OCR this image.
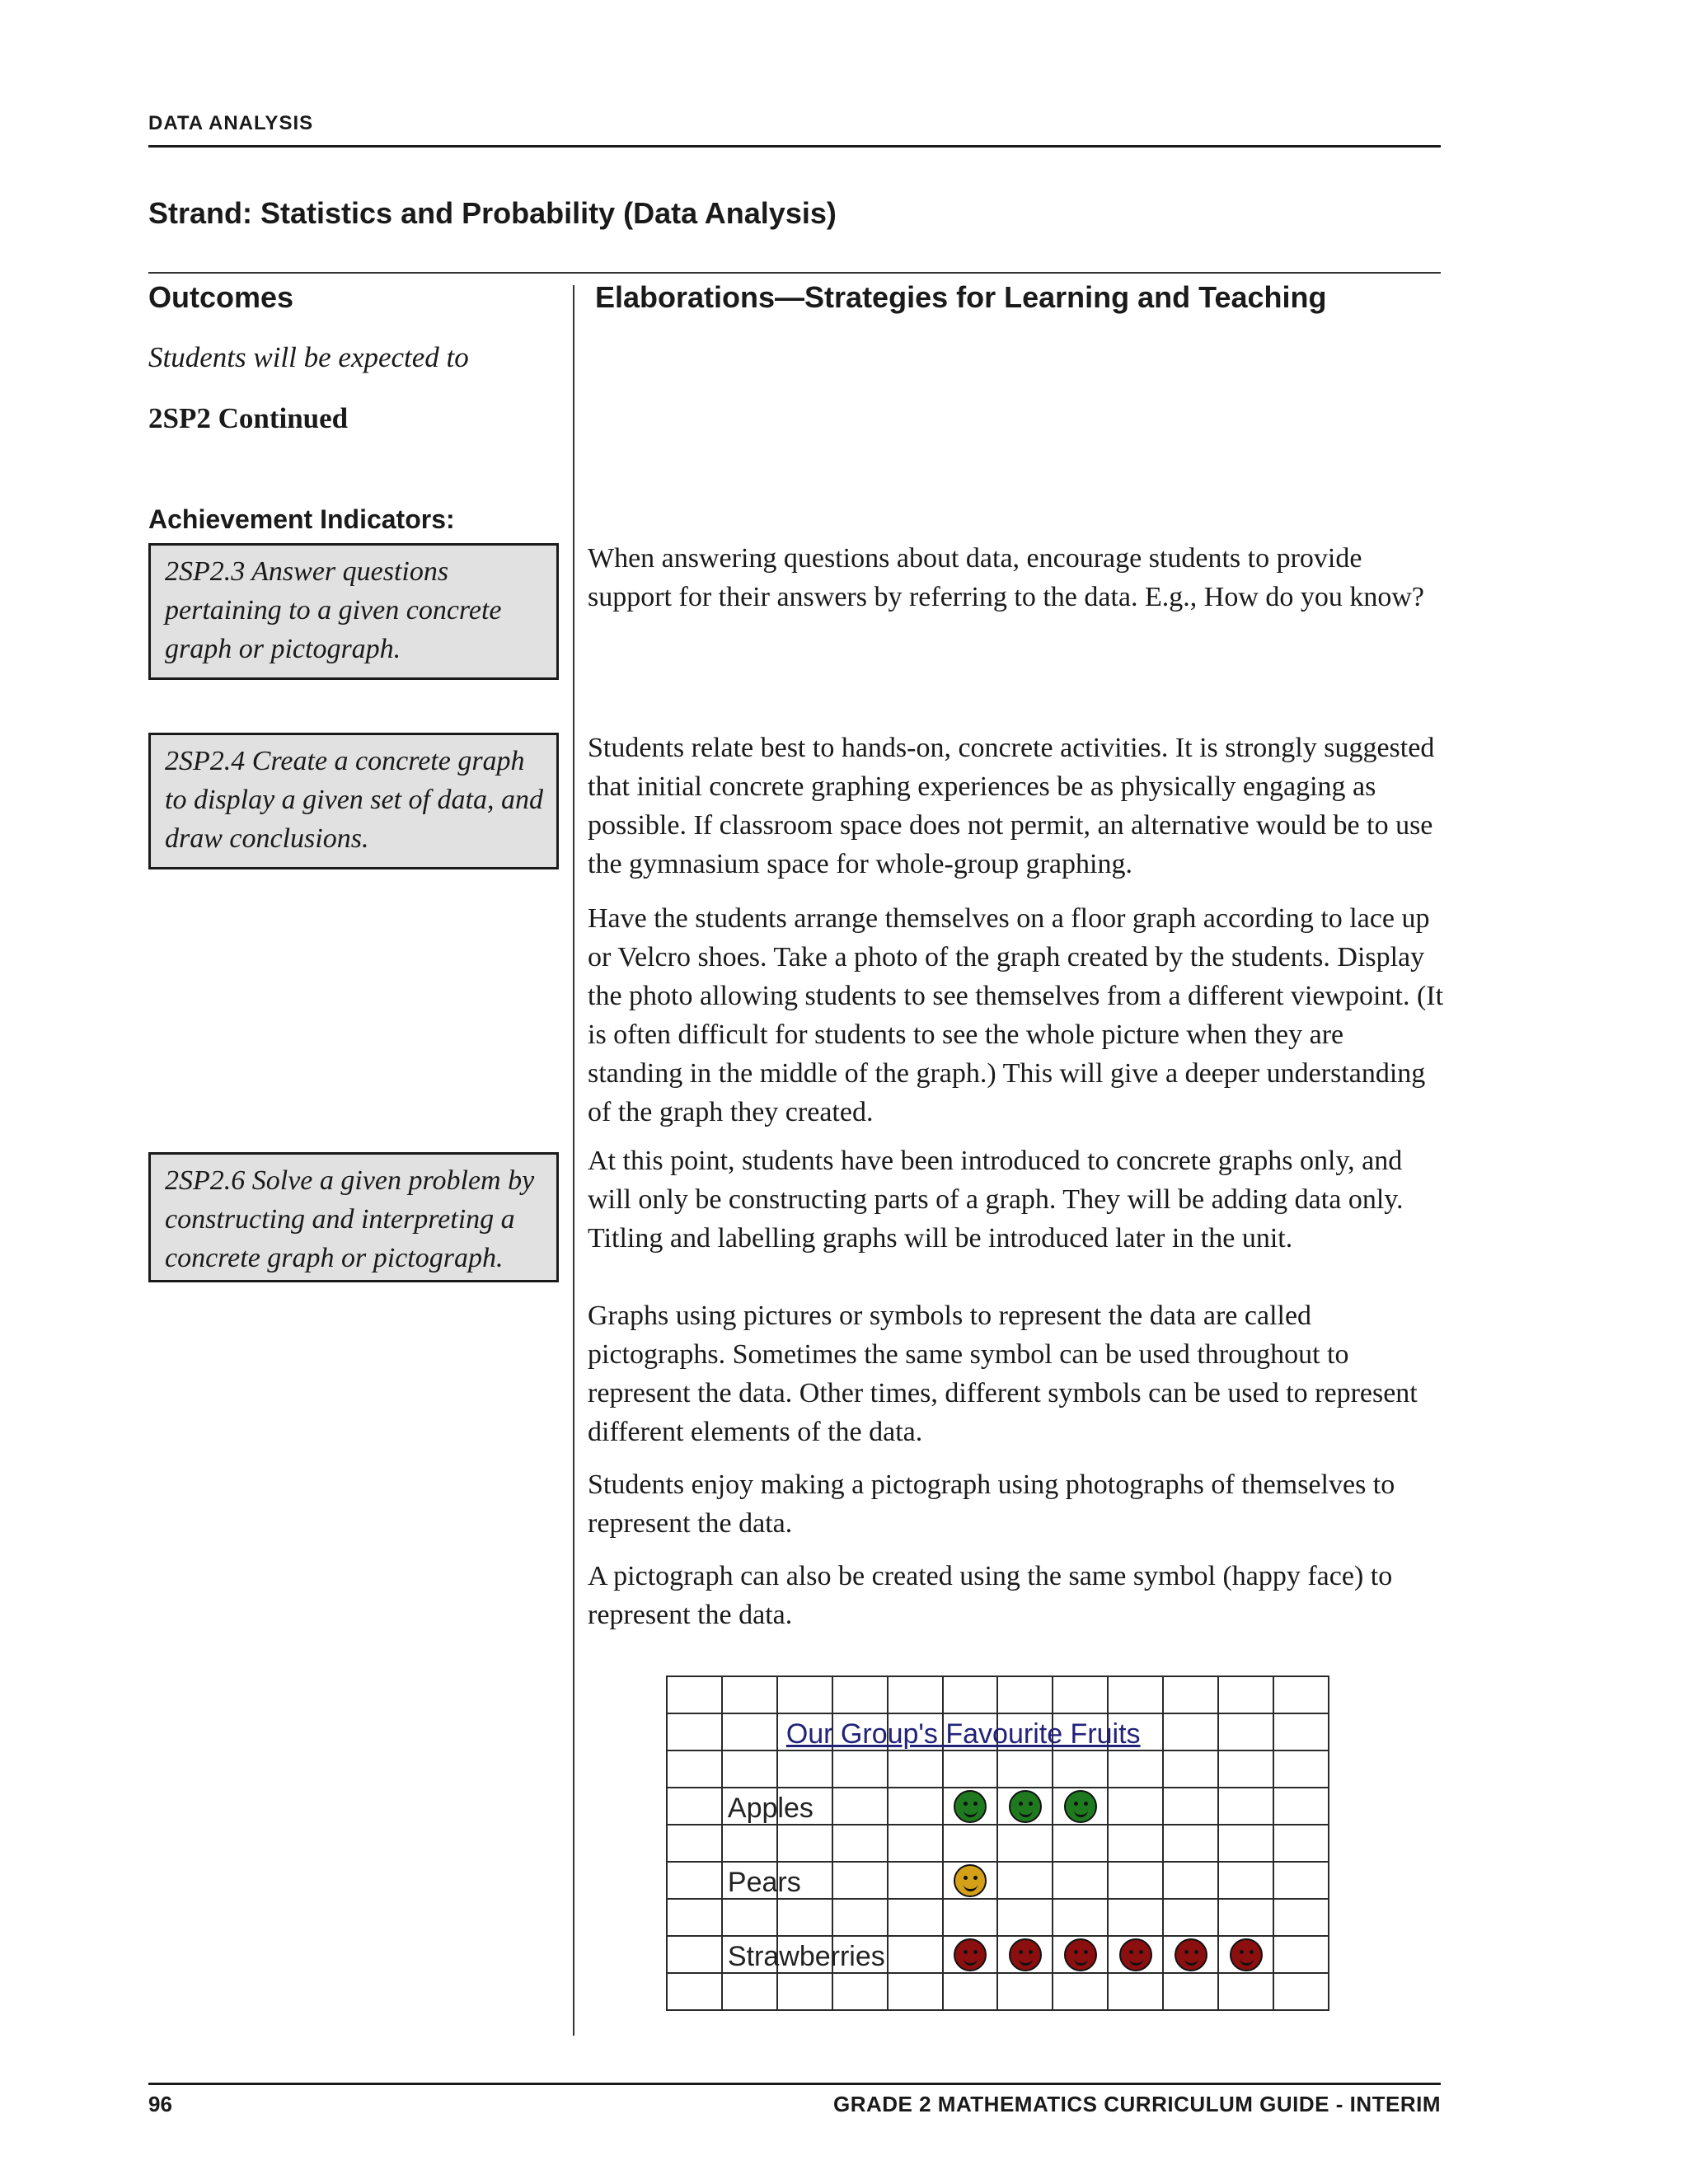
DATA ANALYSIS
Strand: Statistics and Probability (Data Analysis)
Outcomes	Elaborations—Strategies for Learning and Teaching
Students will be expected to
2SP2 Continued
Achievement Indicators:
2SP2.3 Answer questions pertaining to a given concrete graph or pictograph.
2SP2.4 Create a concrete graph to display a given set of data, and draw conclusions.
2SP2.6 Solve a given problem by constructing and interpreting a concrete graph or pictograph.
When answering questions about data, encourage students to provide support for their answers by referring to the data. E.g., How do you know?
Students relate best to hands-on, concrete activities. It is strongly suggested that initial concrete graphing experiences be as physically engaging as possible. If classroom space does not permit, an alternative would be to use the gymnasium space for whole-group graphing.
Have the students arrange themselves on a floor graph according to lace up or Velcro shoes. Take a photo of the graph created by the students. Display the photo allowing students to see themselves from a different viewpoint. (It is often difficult for students to see the whole picture when they are standing in the middle of the graph.) This will give a deeper understanding of the graph they created.
At this point, students have been introduced to concrete graphs only, and will only be constructing parts of a graph. They will be adding data only. Titling and labelling graphs will be introduced later in the unit.
Graphs using pictures or symbols to represent the data are called pictographs. Sometimes the same symbol can be used throughout to represent the data. Other times, different symbols can be used to represent different elements of the data.
Students enjoy making a pictograph using photographs of themselves to represent the data.
A pictograph can also be created using the same symbol (happy face) to represent the data.

		Our Group's Favourite Fruits									

	Apples										

	Pears										

	Strawberries										

96	GRADE 2 MATHEMATICS CURRICULUM GUIDE - INTERIM
